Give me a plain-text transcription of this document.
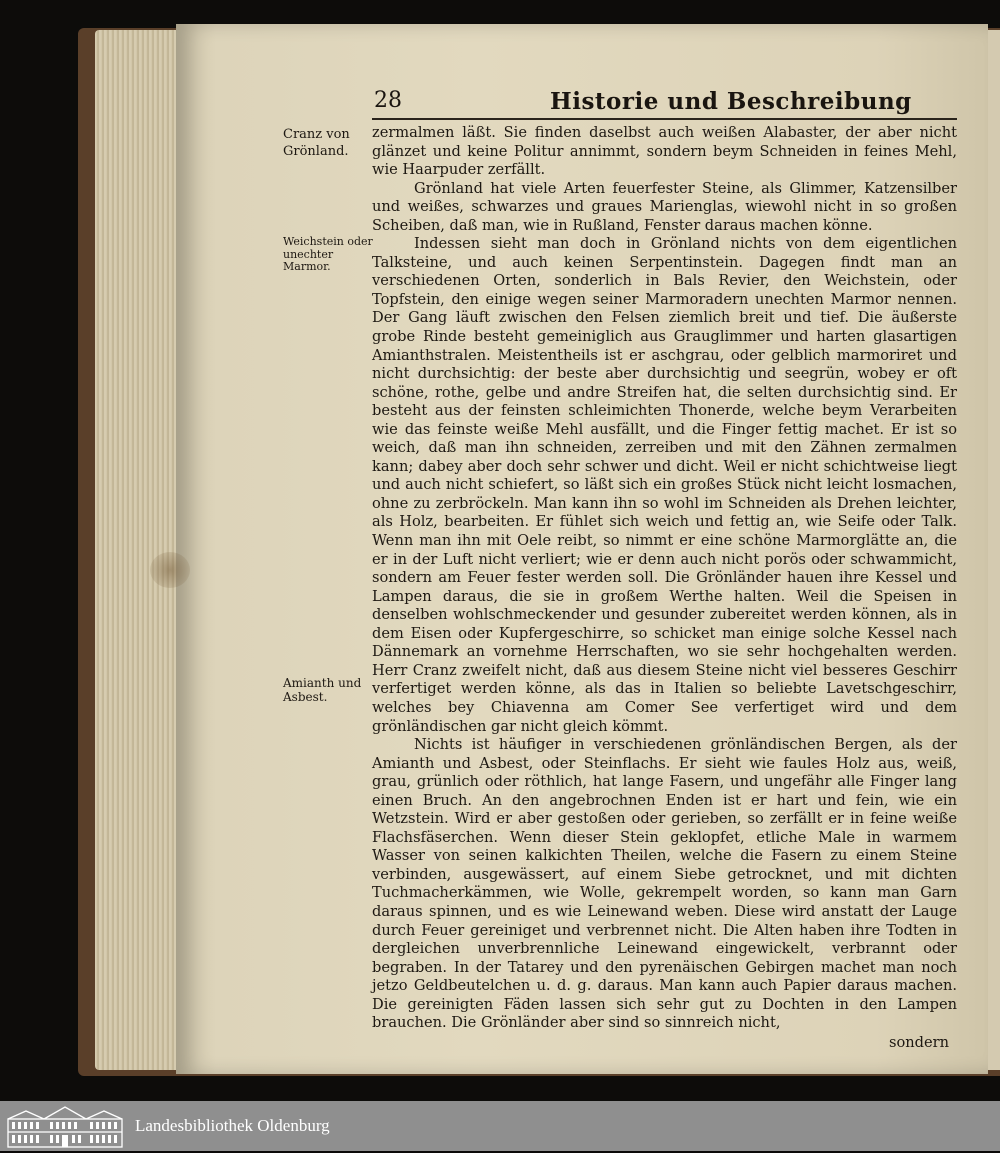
28	Historie und Beschreibung
Cranz von Grönland.
Weichstein oder unechter Marmor.
Amianth und Asbest.

zermalmen läßt. Sie finden daselbst auch weißen Alabaster, der aber nicht glänzet und keine Politur annimmt, sondern beym Schneiden in feines Mehl, wie Haarpuder zerfällt.

Grönland hat viele Arten feuerfester Steine, als Glimmer, Katzensilber und weißes, schwarzes und graues Marienglas, wiewohl nicht in so großen Scheiben, daß man, wie in Rußland, Fenster daraus machen könne.

Indessen sieht man doch in Grönland nichts von dem eigentlichen Talksteine, und auch keinen Serpentinstein. Dagegen findt man an verschiedenen Orten, sonderlich in Bals Revier, den Weichstein, oder Topfstein, den einige wegen seiner Marmoradern unechten Marmor nennen. Der Gang läuft zwischen den Felsen ziemlich breit und tief. Die äußerste grobe Rinde besteht gemeiniglich aus Grauglimmer und harten glasartigen Amianthstralen. Meistentheils ist er aschgrau, oder gelblich marmoriret und nicht durchsichtig: der beste aber durchsichtig und seegrün, wobey er oft schöne, rothe, gelbe und andre Streifen hat, die selten durchsichtig sind. Er besteht aus der feinsten schleimichten Thonerde, welche beym Verarbeiten wie das feinste weiße Mehl ausfällt, und die Finger fettig machet. Er ist so weich, daß man ihn schneiden, zerreiben und mit den Zähnen zermalmen kann; dabey aber doch sehr schwer und dicht. Weil er nicht schichtweise liegt und auch nicht schiefert, so läßt sich ein großes Stück nicht leicht losmachen, ohne zu zerbröckeln. Man kann ihn so wohl im Schneiden als Drehen leichter, als Holz, bearbeiten. Er fühlet sich weich und fettig an, wie Seife oder Talk. Wenn man ihn mit Oele reibt, so nimmt er eine schöne Marmorglätte an, die er in der Luft nicht verliert; wie er denn auch nicht porös oder schwammicht, sondern am Feuer fester werden soll. Die Grönländer hauen ihre Kessel und Lampen daraus, die sie in großem Werthe halten. Weil die Speisen in denselben wohlschmeckender und gesunder zubereitet werden können, als in dem Eisen oder Kupfergeschirre, so schicket man einige solche Kessel nach Dännemark an vornehme Herrschaften, wo sie sehr hochgehalten werden. Herr Cranz zweifelt nicht, daß aus diesem Steine nicht viel besseres Geschirr verfertiget werden könne, als das in Italien so beliebte Lavetschgeschirr, welches bey Chiavenna am Comer See verfertiget wird und dem grönländischen gar nicht gleich kömmt.

Nichts ist häufiger in verschiedenen grönländischen Bergen, als der Amianth und Asbest, oder Steinflachs. Er sieht wie faules Holz aus, weiß, grau, grünlich oder röthlich, hat lange Fasern, und ungefähr alle Finger lang einen Bruch. An den angebrochnen Enden ist er hart und fein, wie ein Wetzstein. Wird er aber gestoßen oder gerieben, so zerfällt er in feine weiße Flachsfäserchen. Wenn dieser Stein geklopfet, etliche Male in warmem Wasser von seinen kalkichten Theilen, welche die Fasern zu einem Steine verbinden, ausgewässert, auf einem Siebe getrocknet, und mit dichten Tuchmacherkämmen, wie Wolle, gekrempelt worden, so kann man Garn daraus spinnen, und es wie Leinewand weben. Diese wird anstatt der Lauge durch Feuer gereiniget und verbrennet nicht. Die Alten haben ihre Todten in dergleichen unverbrennliche Leinewand eingewickelt, verbrannt oder begraben. In der Tatarey und den pyrenäischen Gebirgen machet man noch jetzo Geldbeutelchen u. d. g. daraus. Man kann auch Papier daraus machen. Die gereinigten Fäden lassen sich sehr gut zu Dochten in den Lampen brauchen. Die Grönländer aber sind so sinnreich nicht,

sondern

Landesbibliothek Oldenburg
